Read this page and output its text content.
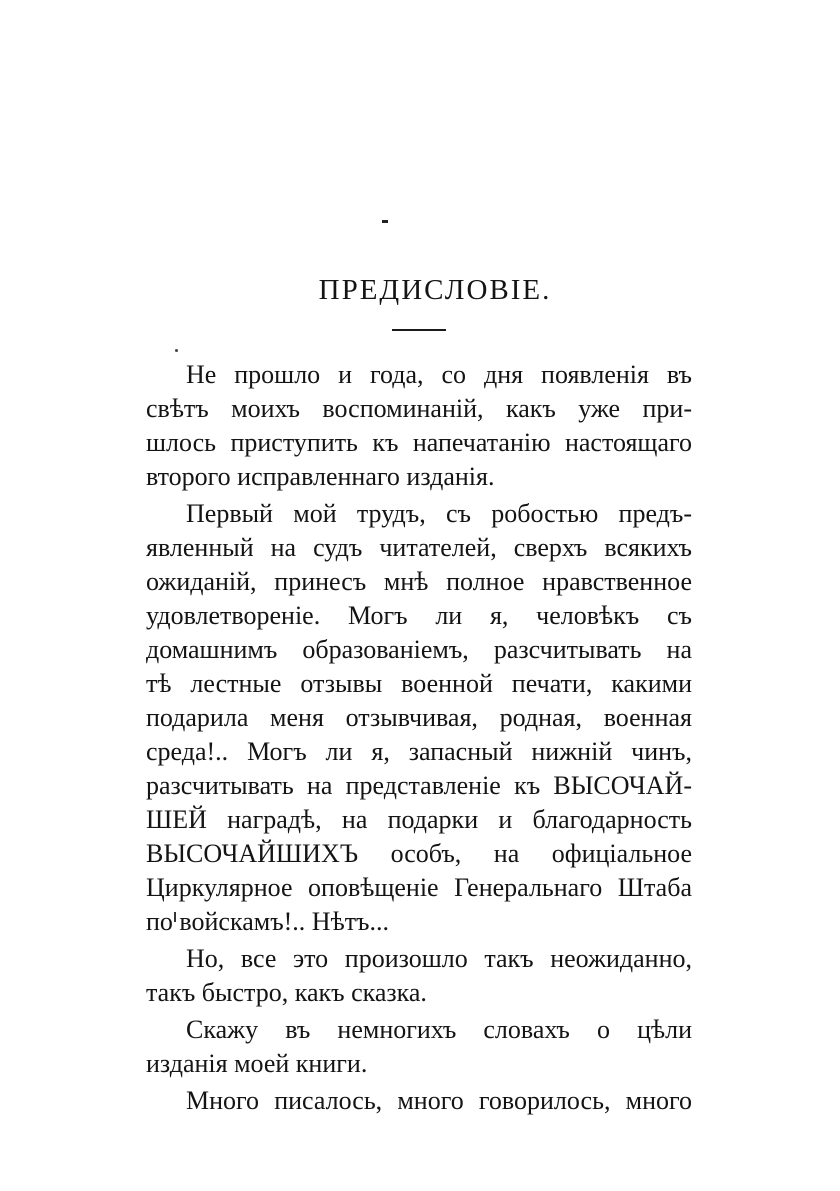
ПРЕДИСЛОВІЕ.

Не прошло и года, со дня появленія въ
свѣтъ моихъ воспоминаній, какъ уже при-
шлось приступить къ напечатанію настоящаго
второго исправленнаго изданія.

Первый мой трудъ, съ робостью предъ-
явленный на судъ читателей, сверхъ всякихъ
ожиданій, принесъ мнѣ полное нравственное
удовлетвореніе. Могъ ли я, человѣкъ съ
домашнимъ образованіемъ, разсчитывать на
тѣ лестные отзывы военной печати, какими
подарила меня отзывчивая, родная, военная
среда!.. Могъ ли я, запасный нижній чинъ,
разсчитывать на представленіе къ ВЫСОЧАЙ-
ШЕЙ наградѣ, на подарки и благодарность
ВЫСОЧАЙШИХЪ особъ, на офиціальное
Циркулярное оповѣщеніе Генеральнаго Штаба
по войскамъ!.. Нѣтъ...

Но, все это произошло такъ неожиданно,
такъ быстро, какъ сказка.

Скажу въ немногихъ словахъ о цѣли
изданія моей книги.

Много писалось, много говорилось, много
